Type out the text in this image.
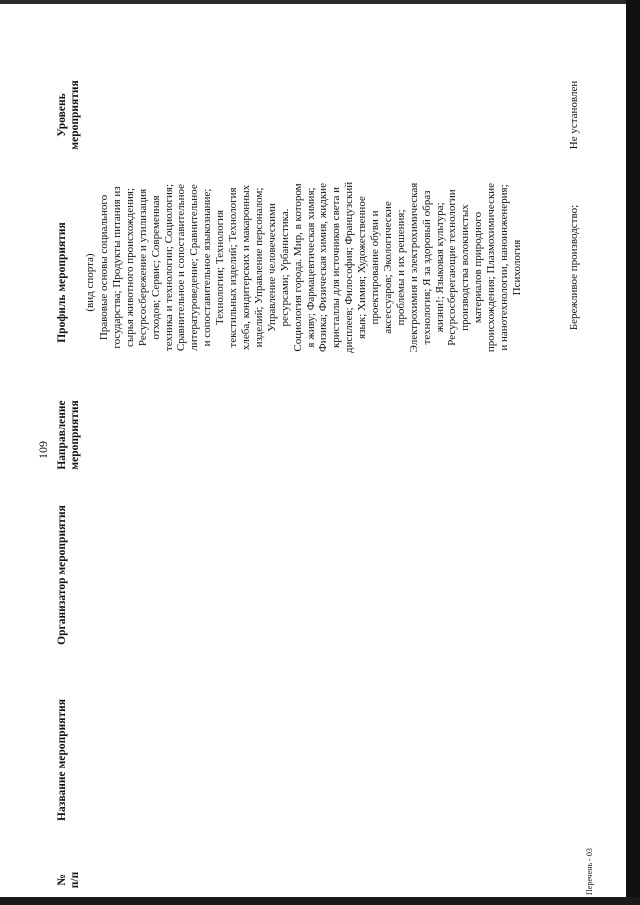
109
№ п/п
Название мероприятия
Организатор мероприятия
Направление мероприятия
Профиль мероприятия
Уровень мероприятия
(вид спорта) Правовые основы социального государства; Продукты питания из сырья животного происхождения; Ресурсосбережение и утилизация отходов; Сервис; Современная техника и технологии; Социология; Сравнительное и сопоставительное литературоведение; Сравнительное и сопоставительное языкознание; Технологии; Технология текстильных изделий; Технология хлеба, кондитерских и макаронных изделий; Управление персоналом; Управление человеческими ресурсами; Урбанистика. Социология города. Мир, в котором я живу; Фармацевтическая химия; Физика; Физическая химия, жидкие кристаллы для источников света и дисплеев; Философия; Французский язык; Химия; Художественное проектирование обуви и аксессуаров; Экологические проблемы и их решения; Электрохимия и электрохимическая технология; Я за здоровый образ жизни!; Языковая культура; Ресурсосберегающие технологии производства волокнистых материалов природного происхождения; Плазмохимические и нанотехнологии, наноинженерия; Психология	Бережливое производство;
Не установлен
Перечень - 03
